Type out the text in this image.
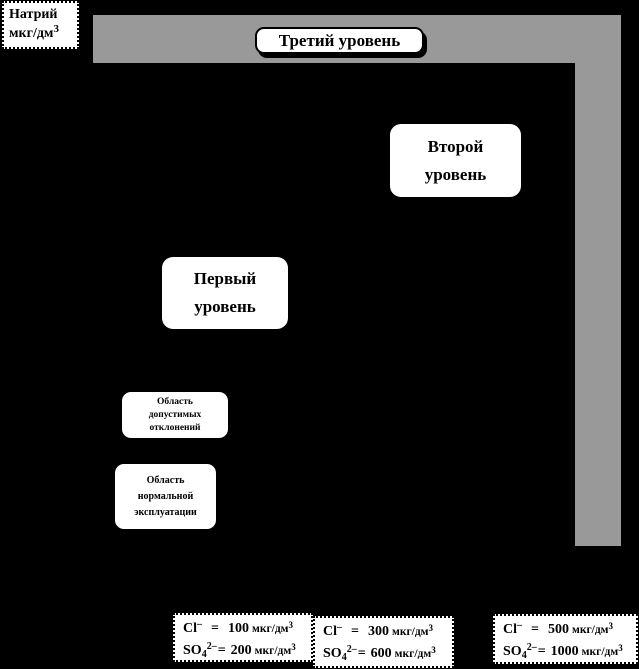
Натрий
мкг/$дм^3$
Третий уровень
Второй
уровень
Первый
уровень
Область
допустимых
отклонений
Область
нормальной
эксплуатации
Cl– = 100 мкг/$дм^3$
$SO_4^{2-}= 200$ мкг/$дм^3$
Cl– = 300 мкг/$дм^3$
$SO_4^{2-}= 600$ мкг/$дм^3$
Cl– = 500 мкг/$дм^3$
$SO_4^{2-}= 1000$ мкг/$дм^3$
